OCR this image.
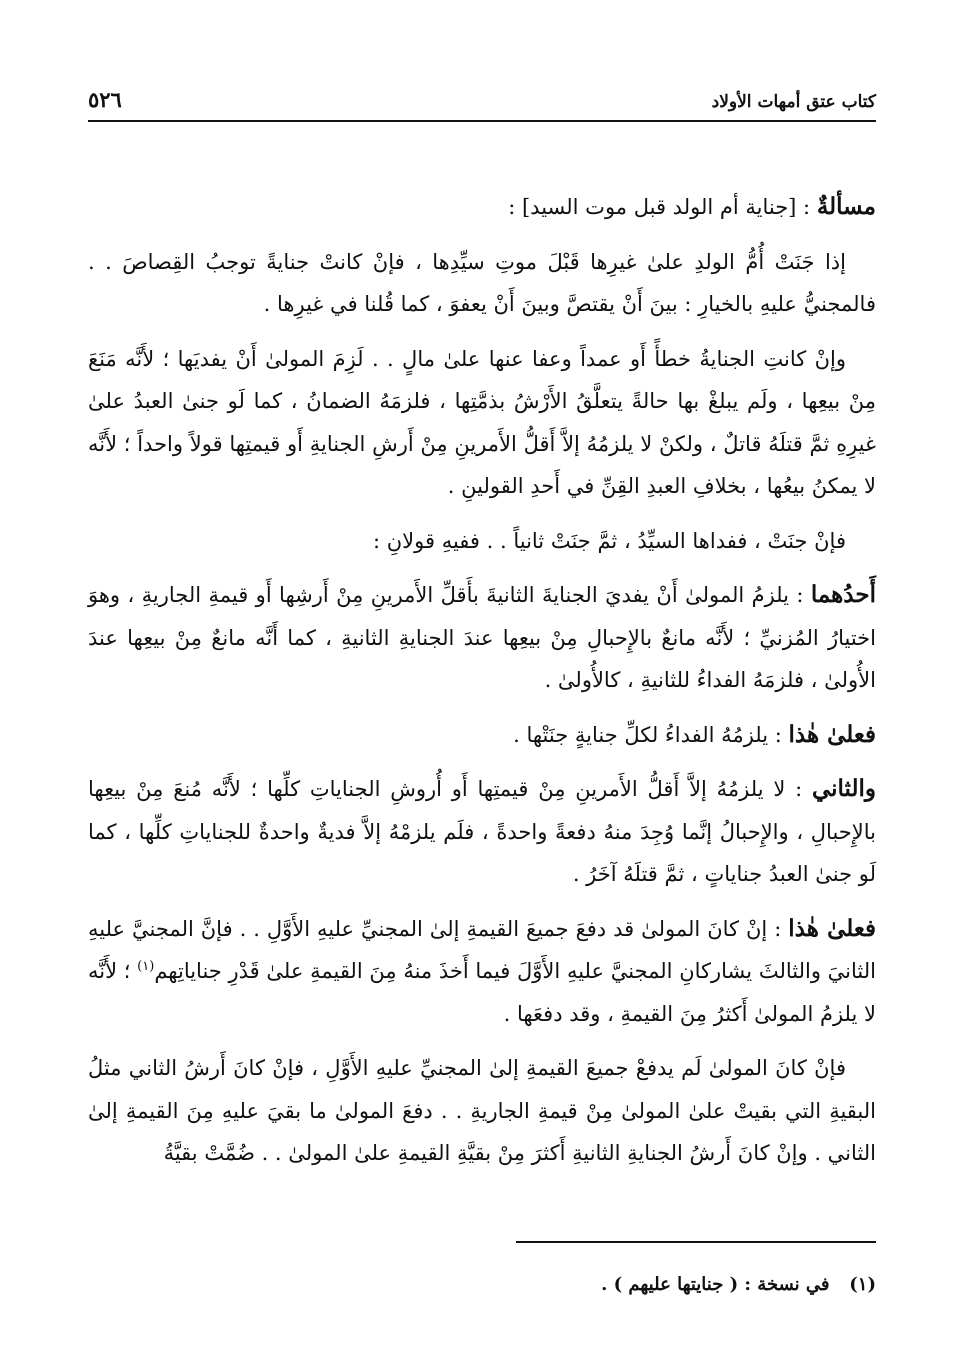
كتاب عتق أمهات الأولاد
٥٢٦

مسألةٌ : [جناية أم الولد قبل موت السيد] :

إذا جَنَتْ أُمُّ الولدِ علىٰ غيرِها قَبْلَ موتِ سيِّدِها ، فإنْ كانتْ جنايةً توجبُ القِصاصَ . . فالمجنيُّ عليهِ بالخيارِ : بينَ أَنْ يقتصَّ وبينَ أَنْ يعفوَ ، كما قُلنا في غيرِها .

وإنْ كانتِ الجنايةُ خطأً أَو عمداً وعفا عنها علىٰ مالٍ . . لَزِمَ المولىٰ أَنْ يفديَها ؛ لأَنَّه مَنَعَ مِنْ بيعِها ، ولَم يبلغْ بها حالةً يتعلَّقُ الأَرْشُ بذمَّتِها ، فلزمَهُ الضمانُ ، كما لَو جنىٰ العبدُ علىٰ غيرِهِ ثمَّ قتلَهُ قاتلٌ ، ولكنْ لا يلزمُهُ إلاَّ أَقلُّ الأَمرينِ مِنْ أَرشِ الجنايةِ أَو قيمتِها قولاً واحداً ؛ لأَنَّه لا يمكنُ بيعُها ، بخلافِ العبدِ القِنِّ في أَحدِ القولينِ .

فإنْ جنَتْ ، ففداها السيِّدُ ، ثمَّ جنَتْ ثانياً . . ففيهِ قولانِ :

أَحدُهما : يلزمُ المولىٰ أَنْ يفديَ الجنايةَ الثانيةَ بأَقلِّ الأَمرينِ مِنْ أَرشِها أَو قيمةِ الجاريةِ ، وهوَ اختيارُ المُزنيِّ ؛ لأَنَّه مانعٌ بالإِحبالِ مِنْ بيعِها عندَ الجنايةِ الثانيةِ ، كما أَنَّه مانعٌ مِنْ بيعِها عندَ الأُولىٰ ، فلزمَهُ الفداءُ للثانيةِ ، كالأُولىٰ .

فعلىٰ هٰذا : يلزمُهُ الفداءُ لكلِّ جنايةٍ جنَتْها .

والثاني : لا يلزمُهُ إلاَّ أَقلُّ الأَمرينِ مِنْ قيمتِها أَو أُروشِ الجناياتِ كلِّها ؛ لأَنَّه مُنعَ مِنْ بيعِها بالإِحبالِ ، والإِحبالُ إنَّما وُجِدَ منهُ دفعةً واحدةً ، فلَم يلزمْهُ إلاَّ فديةٌ واحدةٌ للجناياتِ كلِّها ، كما لَو جنىٰ العبدُ جناياتٍ ، ثمَّ قتلَهُ آخَرُ .

فعلىٰ هٰذا : إنْ كانَ المولىٰ قد دفعَ جميعَ القيمةِ إلىٰ المجنيِّ عليهِ الأَوَّلِ . . فإنَّ المجنيَّ عليهِ الثانيَ والثالثَ يشاركانِ المجنيَّ عليهِ الأَوَّلَ فيما أَخذَ منهُ مِنَ القيمةِ علىٰ قَدْرِ جناياتِهم$^{(١)}$ ؛ لأَنَّه لا يلزمُ المولىٰ أَكثرُ مِنَ القيمةِ ، وقد دفعَها .

فإنْ كانَ المولىٰ لَم يدفعْ جميعَ القيمةِ إلىٰ المجنيِّ عليهِ الأَوَّلِ ، فإنْ كانَ أَرشُ الثاني مثلُ البقيةِ التي بقيتْ علىٰ المولىٰ مِنْ قيمةِ الجاريةِ . . دفعَ المولىٰ ما بقيَ عليهِ مِنَ القيمةِ إلىٰ الثاني . وإنْ كانَ أَرشُ الجنايةِ الثانيةِ أَكثرَ مِنْ بقيَّةِ القيمةِ علىٰ المولىٰ . . ضُمَّتْ بقيَّةُ

(١) في نسخة : ( جنايتها عليهم ) .
